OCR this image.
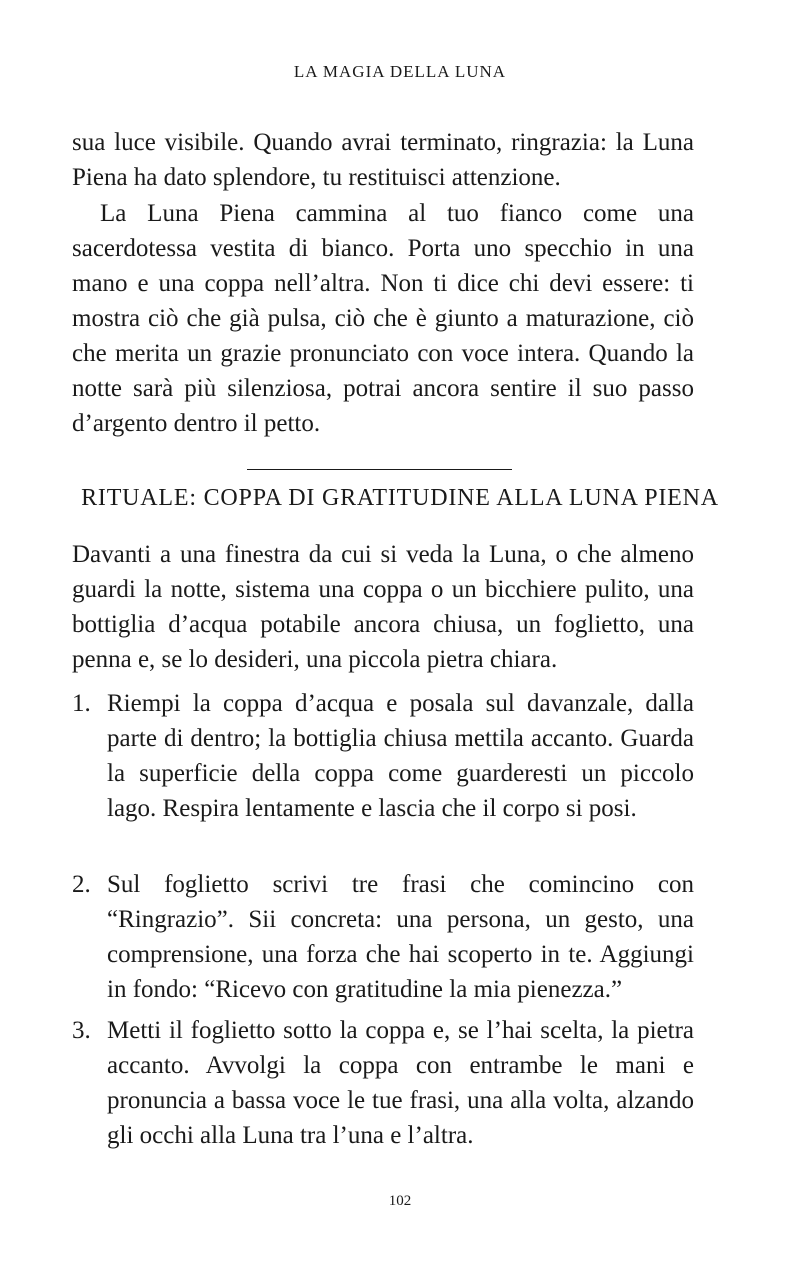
LA MAGIA DELLA LUNA

sua luce visibile. Quando avrai terminato, ringrazia: la Luna Piena ha dato splendore, tu restituisci attenzione.

La Luna Piena cammina al tuo fianco come una sacerdotessa vestita di bianco. Porta uno specchio in una mano e una coppa nell’altra. Non ti dice chi devi essere: ti mostra ciò che già pulsa, ciò che è giunto a maturazione, ciò che merita un grazie pronunciato con voce intera. Quando la notte sarà più silenziosa, potrai ancora sentire il suo passo d’argento dentro il petto.

RITUALE: COPPA DI GRATITUDINE ALLA LUNA PIENA

Davanti a una finestra da cui si veda la Luna, o che almeno guardi la notte, sistema una coppa o un bicchiere pulito, una bottiglia d’acqua potabile ancora chiusa, un foglietto, una penna e, se lo desideri, una piccola pietra chiara.

1. Riempi la coppa d’acqua e posala sul davanzale, dalla parte di dentro; la bottiglia chiusa mettila accanto. Guarda la superficie della coppa come guarderesti un piccolo lago. Respira lentamente e lascia che il corpo si posi.
2. Sul foglietto scrivi tre frasi che comincino con “Ringrazio”. Sii concreta: una persona, un gesto, una comprensione, una forza che hai scoperto in te. Aggiungi in fondo: “Ricevo con gratitudine la mia pienezza.”
3. Metti il foglietto sotto la coppa e, se l’hai scelta, la pietra accanto. Avvolgi la coppa con entrambe le mani e pronuncia a bassa voce le tue frasi, una alla volta, alzando gli occhi alla Luna tra l’una e l’altra.
102
